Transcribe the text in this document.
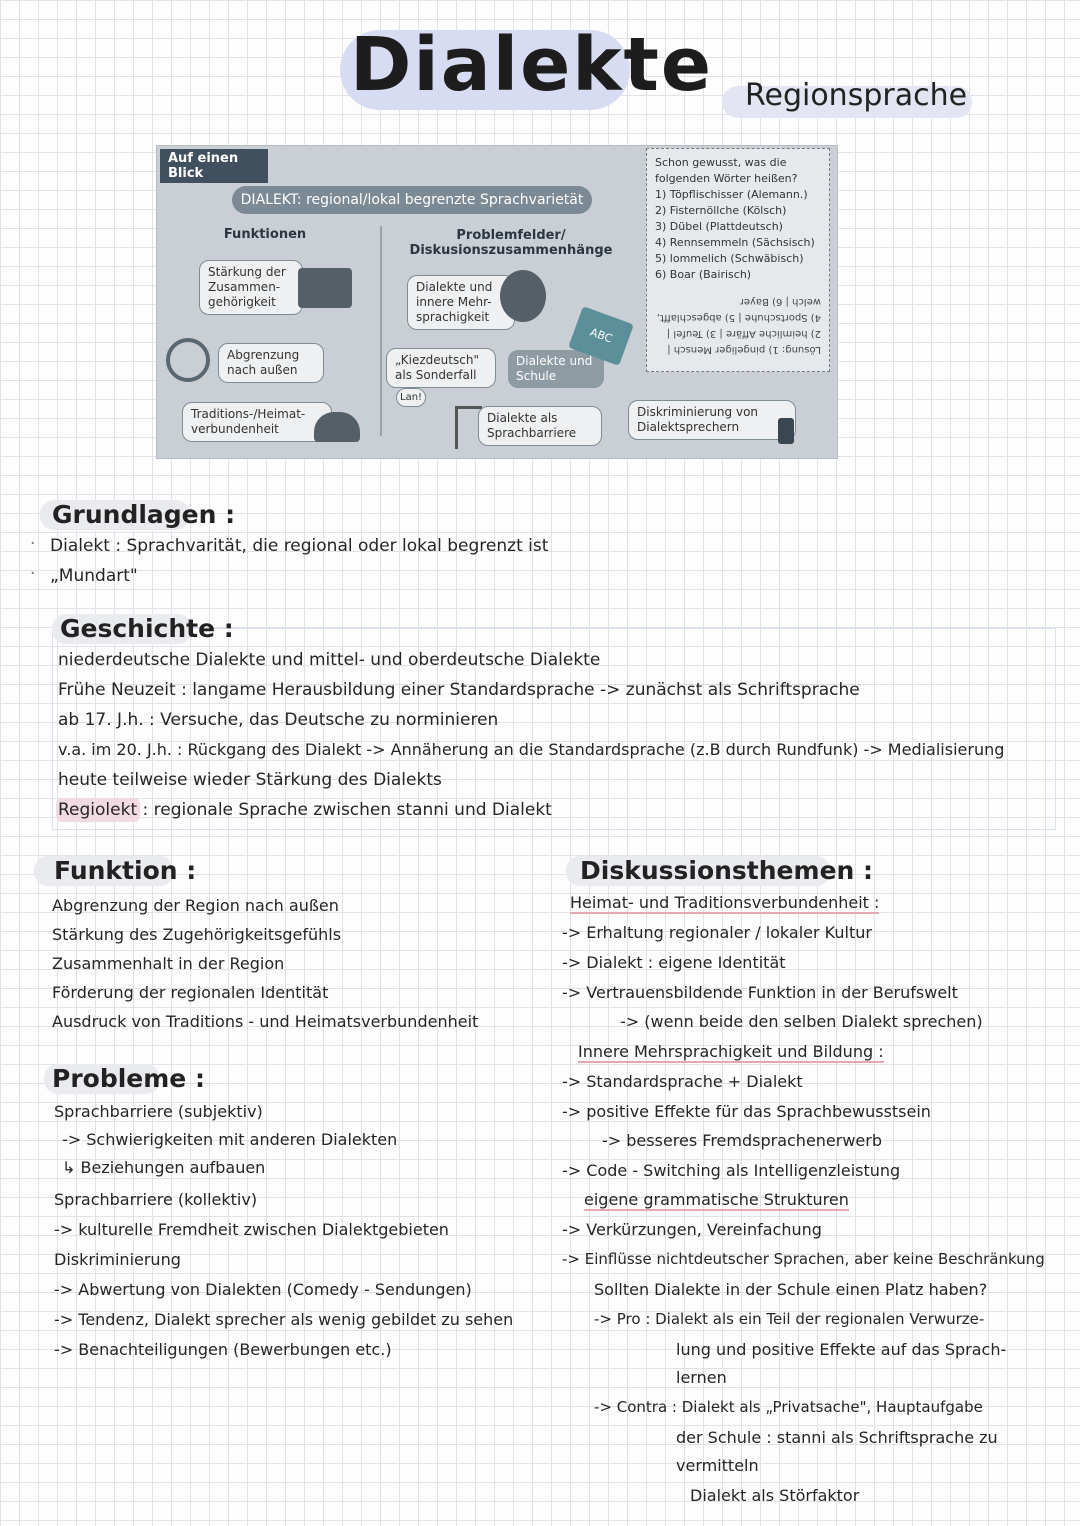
Dialekte Regionsprache
Auf einen Blick
DIALEKT: regional/lokal begrenzte Sprachvarietät
Funktionen	Problemfelder/ Diskusionszusammenhänge
Stärkung der Zusammen-gehörigkeit
Abgrenzung nach außen
Traditions-/Heimat-verbundenheit
Dialekte und innere Mehr-sprachigkeit
„Kiezdeutsch" als Sonderfall
Lan!
Dialekte und Schule
ABC
Dialekte als Sprachbarriere
Schon gewusst, was die folgenden Wörter heißen?
1) Töpflischisser (Alemann.)
2) Fisternöllche (Kölsch)
3) Dübel (Plattdeutsch)
4) Rennsemmeln (Sächsisch)
5) lommelich (Schwäbisch)
6) Boar (Bairisch)
Lösung: 1) pingeliger Mensch | 2) heimliche Affäre | 3) Teufel | 4) Sportschuhe | 5) abgeschlafft, welch | 6) Bayer
Diskriminierung von Dialektsprechern
Grundlagen :
· Dialekt : Sprachvarität, die regional oder lokal begrenzt ist
· „Mundart"
Geschichte :
niederdeutsche Dialekte und mittel- und oberdeutsche Dialekte
Frühe Neuzeit : langame Herausbildung einer Standardsprache -> zunächst als Schriftsprache
ab 17. J.h. : Versuche, das Deutsche zu norminieren
v.a. im 20. J.h. : Rückgang des Dialekt -> Annäherung an die Standardsprache (z.B durch Rundfunk) -> Medialisierung
heute teilweise wieder Stärkung des Dialekts
Regiolekt : regionale Sprache zwischen stanni und Dialekt
Funktion :
Abgrenzung der Region nach außen
Stärkung des Zugehörigkeitsgefühls
Zusammenhalt in der Region
Förderung der regionalen Identität
Ausdruck von Traditions - und Heimatsverbundenheit
Probleme :
Sprachbarriere (subjektiv)
-> Schwierigkeiten mit anderen Dialekten
↳ Beziehungen aufbauen
Sprachbarriere (kollektiv)
-> kulturelle Fremdheit zwischen Dialektgebieten
Diskriminierung
-> Abwertung von Dialekten (Comedy - Sendungen)
-> Tendenz, Dialekt sprecher als wenig gebildet zu sehen
-> Benachteiligungen (Bewerbungen etc.)
Diskussionsthemen :
Heimat- und Traditionsverbundenheit :
-> Erhaltung regionaler / lokaler Kultur
-> Dialekt : eigene Identität
-> Vertrauensbildende Funktion in der Berufswelt
-> (wenn beide den selben Dialekt sprechen)
Innere Mehrsprachigkeit und Bildung :
-> Standardsprache + Dialekt
-> positive Effekte für das Sprachbewusstsein
-> besseres Fremdsprachenerwerb
-> Code - Switching als Intelligenzleistung
eigene grammatische Strukturen
-> Verkürzungen, Vereinfachung
-> Einflüsse nichtdeutscher Sprachen, aber keine Beschränkung
Sollten Dialekte in der Schule einen Platz haben?
-> Pro : Dialekt als ein Teil der regionalen Verwurze-
lung und positive Effekte auf das Sprach-
lernen
-> Contra : Dialekt als „Privatsache", Hauptaufgabe
der Schule : stanni als Schriftsprache zu
vermitteln
Dialekt als Störfaktor
